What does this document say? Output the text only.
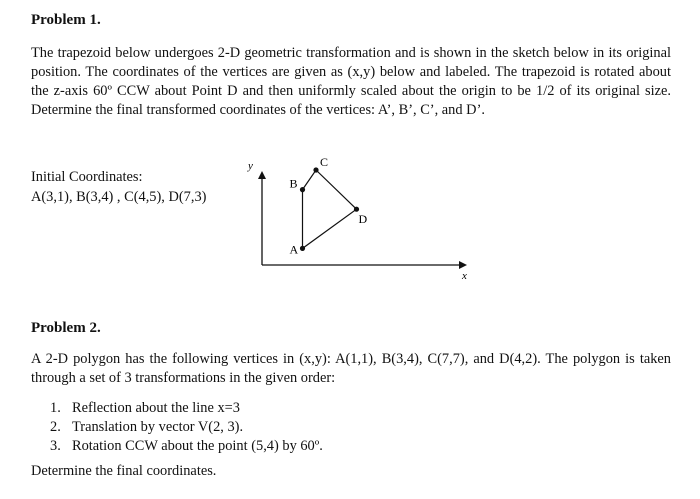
Problem 1.
The trapezoid below undergoes 2-D geometric transformation and is shown in the sketch below in its original position. The coordinates of the vertices are given as (x,y) below and labeled. The trapezoid is rotated about the z-axis 60º CCW about Point D and then uniformly scaled about the origin to be 1/2 of its original size. Determine the final transformed coordinates of the vertices: A’, B’, C’, and D’.
Initial Coordinates:
A(3,1), B(3,4) , C(4,5), D(7,3)
y
x
A
B
C
D
Problem 2.
A 2-D polygon has the following vertices in (x,y): A(1,1), B(3,4), C(7,7), and D(4,2). The polygon is taken through a set of 3 transformations in the given order:
1. Reflection about the line x=3
2. Translation by vector V(2, 3).
3. Rotation CCW about the point (5,4) by 60º.
Determine the final coordinates.
